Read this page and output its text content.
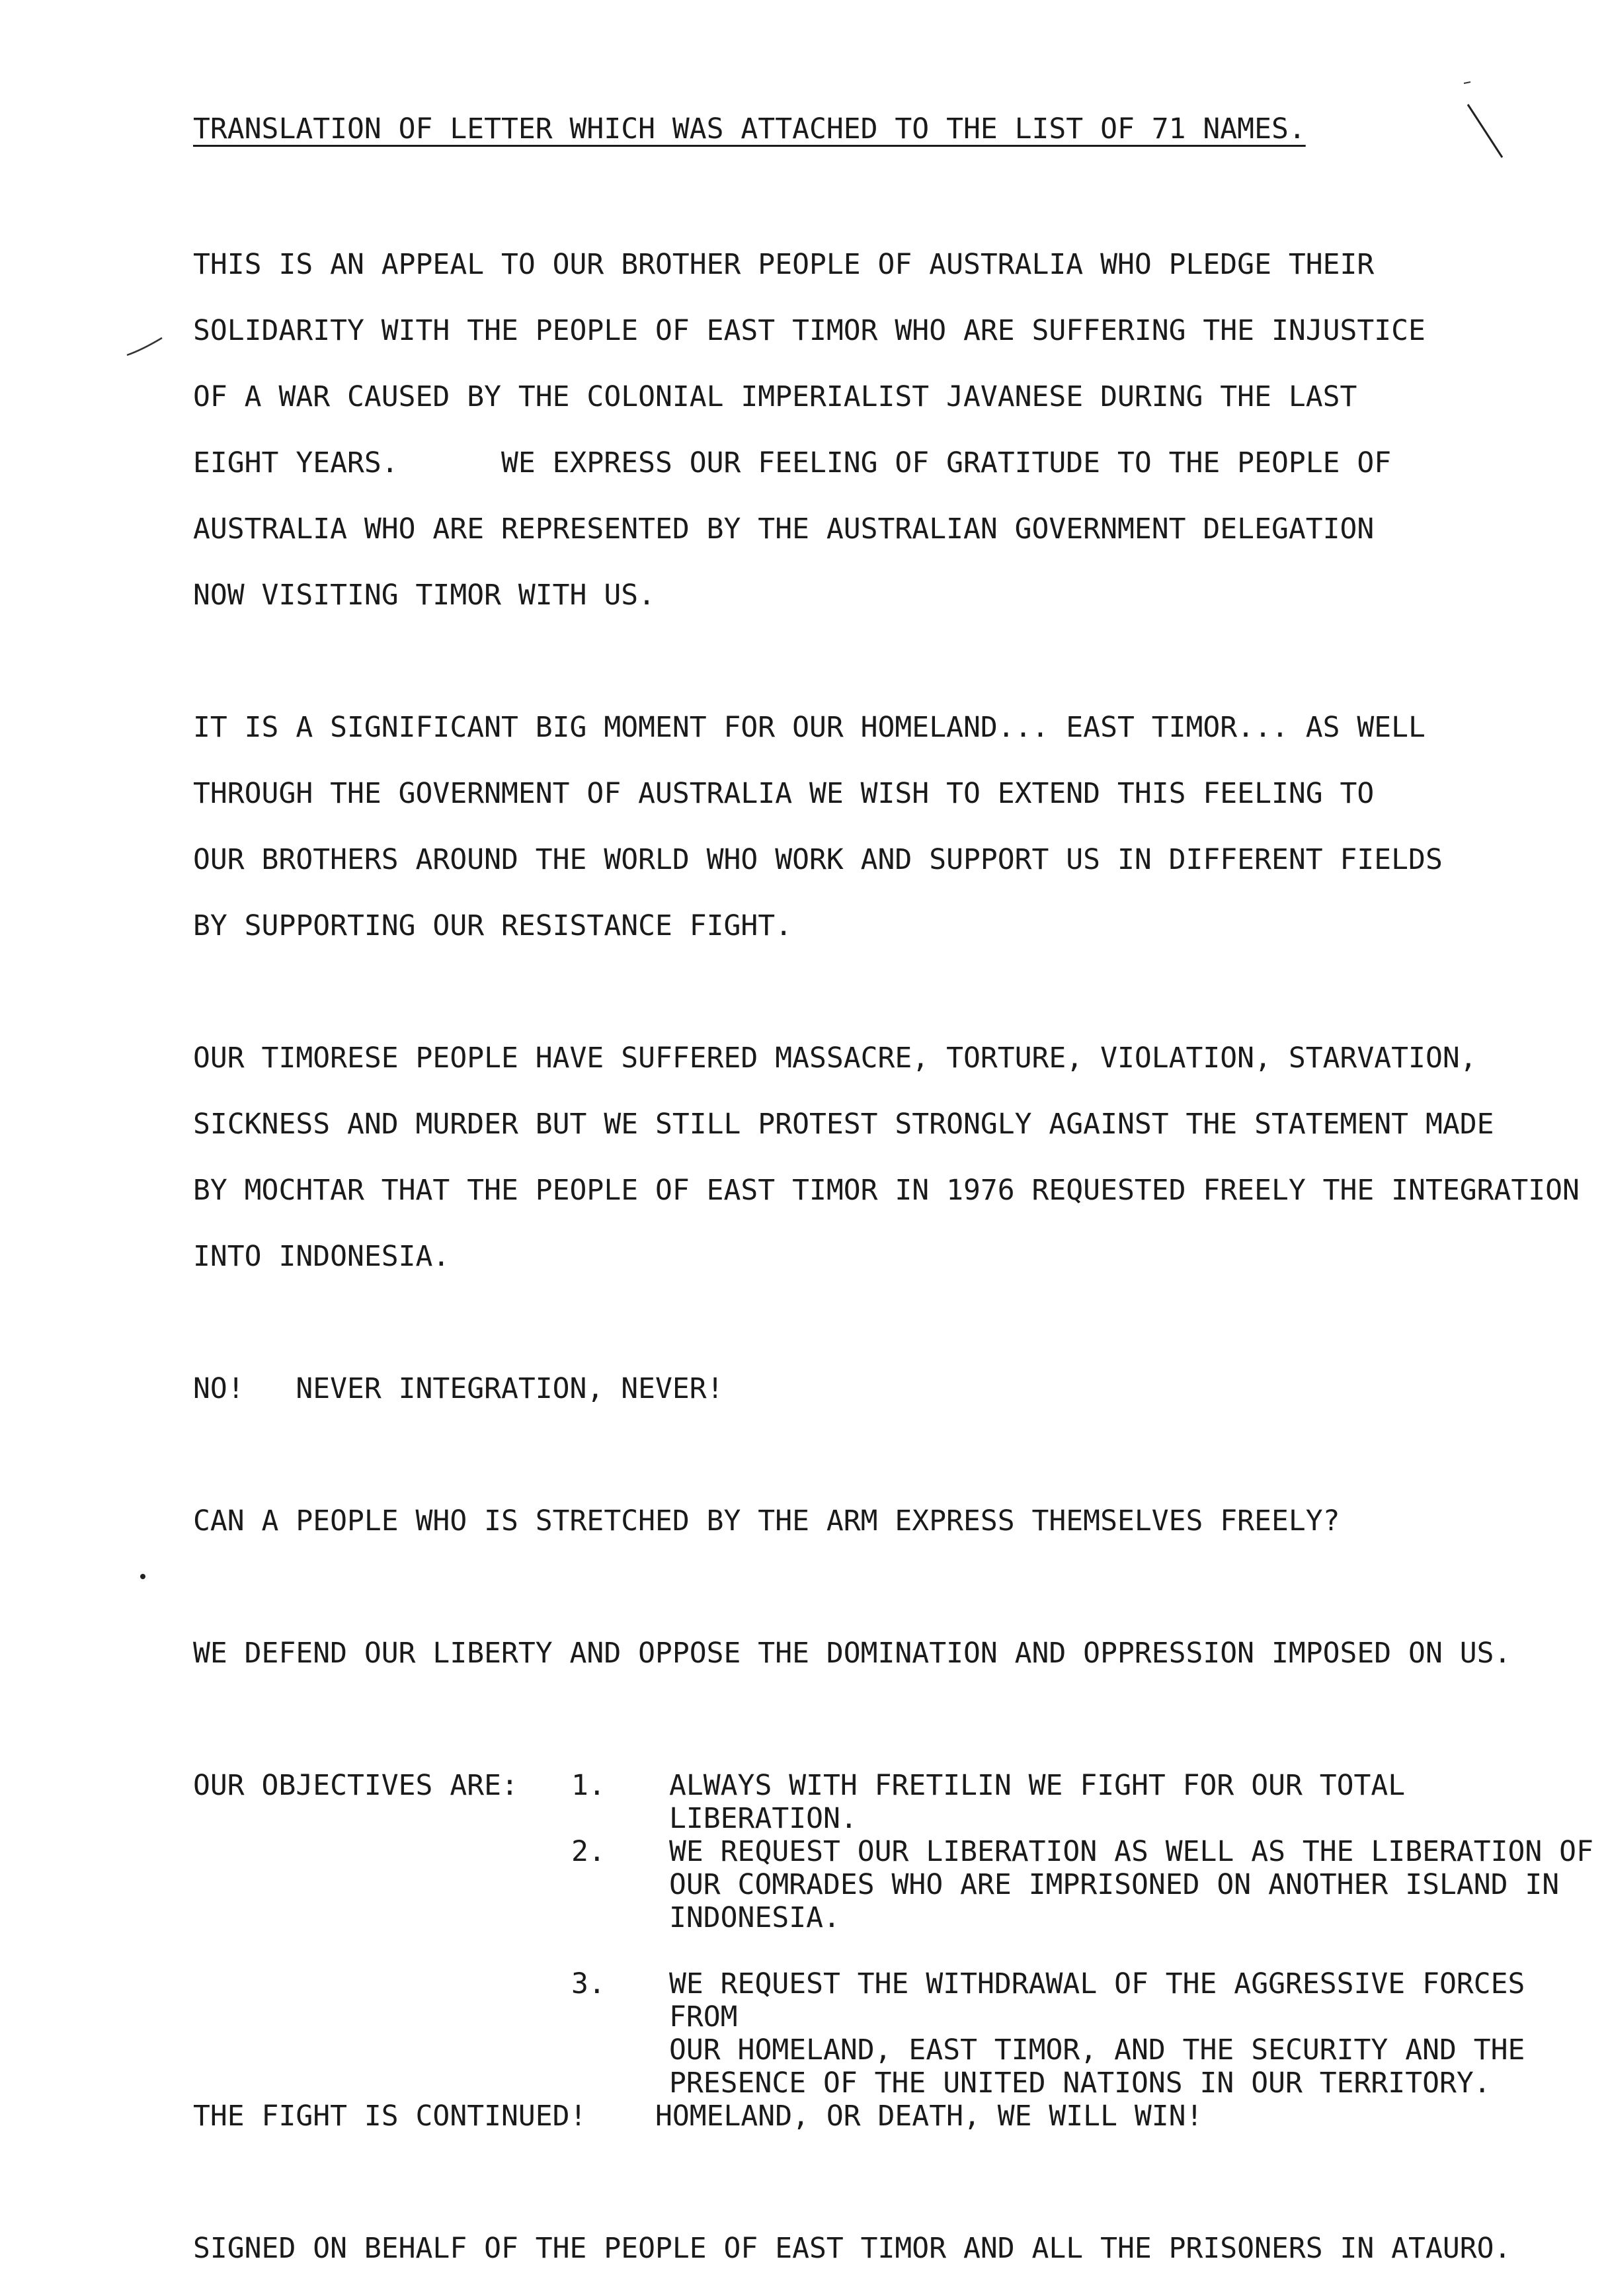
TRANSLATION OF LETTER WHICH WAS ATTACHED TO THE LIST OF 71 NAMES.
THIS IS AN APPEAL TO OUR BROTHER PEOPLE OF AUSTRALIA WHO PLEDGE THEIR
SOLIDARITY WITH THE PEOPLE OF EAST TIMOR WHO ARE SUFFERING THE INJUSTICE
OF A WAR CAUSED BY THE COLONIAL IMPERIALIST JAVANESE DURING THE LAST
EIGHT YEARS.      WE EXPRESS OUR FEELING OF GRATITUDE TO THE PEOPLE OF
AUSTRALIA WHO ARE REPRESENTED BY THE AUSTRALIAN GOVERNMENT DELEGATION
NOW VISITING TIMOR WITH US.
IT IS A SIGNIFICANT BIG MOMENT FOR OUR HOMELAND... EAST TIMOR... AS WELL
THROUGH THE GOVERNMENT OF AUSTRALIA WE WISH TO EXTEND THIS FEELING TO
OUR BROTHERS AROUND THE WORLD WHO WORK AND SUPPORT US IN DIFFERENT FIELDS
BY SUPPORTING OUR RESISTANCE FIGHT.
OUR TIMORESE PEOPLE HAVE SUFFERED MASSACRE, TORTURE, VIOLATION, STARVATION,
SICKNESS AND MURDER BUT WE STILL PROTEST STRONGLY AGAINST THE STATEMENT MADE
BY MOCHTAR THAT THE PEOPLE OF EAST TIMOR IN 1976 REQUESTED FREELY THE INTEGRATION
INTO INDONESIA.
NO!   NEVER INTEGRATION, NEVER!
CAN A PEOPLE WHO IS STRETCHED BY THE ARM EXPRESS THEMSELVES FREELY?
WE DEFEND OUR LIBERTY AND OPPOSE THE DOMINATION AND OPPRESSION IMPOSED ON US.
OUR OBJECTIVES ARE: 1. ALWAYS WITH FRETILIN WE FIGHT FOR OUR TOTAL LIBERATION.
2. WE REQUEST OUR LIBERATION AS WELL AS THE LIBERATION OF
OUR COMRADES WHO ARE IMPRISONED ON ANOTHER ISLAND IN
INDONESIA.
3. WE REQUEST THE WITHDRAWAL OF THE AGGRESSIVE FORCES FROM
OUR HOMELAND, EAST TIMOR, AND THE SECURITY AND THE
PRESENCE OF THE UNITED NATIONS IN OUR TERRITORY.
THE FIGHT IS CONTINUED!    HOMELAND, OR DEATH, WE WILL WIN!
SIGNED ON BEHALF OF THE PEOPLE OF EAST TIMOR AND ALL THE PRISONERS IN ATAURO.
